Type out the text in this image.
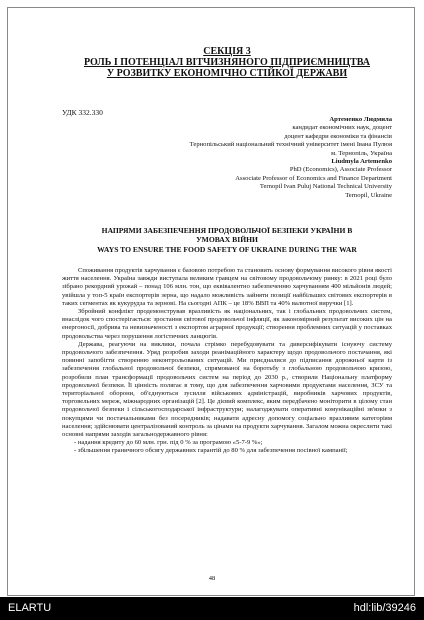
СЕКЦІЯ 3

РОЛЬ І ПОТЕНЦІАЛ ВІТЧИЗНЯНОГО ПІДПРИЄМНИЦТВА

У РОЗВИТКУ ЕКОНОМІЧНО СТІЙКОЇ ДЕРЖАВИ

УДК 332.330
Артеменко Людмила
кандидат економічних наук, доцент
доцент кафедри економіки та фінансів
Тернопільський національний технічний університет імені Івана Пулюя
м. Тернопіль, Україна
Liudmyla Artemenko
PhD (Economics), Associate Professor
Associate Professor of Economics and Finance Department
Ternopil Ivan Puluj National Technical University
Ternopil, Ukraine
НАПРЯМИ ЗАБЕЗПЕЧЕННЯ ПРОДОВОЛЬЧОЇ БЕЗПЕКИ УКРАЇНИ В
УМОВАХ ВІЙНИ
WAYS TO ENSURE THE FOOD SAFETY OF UKRAINE DURING THE WAR

Споживання продуктів харчування є базовою потребою та становить основу формування високого рівня якості життя населення. Україна завжди виступала великим гравцем на світовому продовольчому ринку: в 2021 році було зібрано рекордний урожай – понад 106 млн. тон, що еквівалентно забезпеченню харчуванням 400 мільйонів людей; увійшла у топ-5 країн експортерів зерна, що надало можливість зайняти позиції найбільших світових експортерів в таких сегментах як кукурудза та зернові. На сьогодні АПК – це 18% ВВП та 40% валютної виручки [1].

Збройний конфлікт продемонстрував вразливість як національних, так і глобальних продовольчих систем, внаслідок чого спостерігається: зростання світової продовольчої інфляції, як закономірний результат високих цін на енергоносії, добрива та невизначеності з експортом аграрної продукції; створення проблемних ситуацій у поставках продовольства через порушення логістичних ланцюгів.

Держава, реагуючи на виклики, почала стрімко перебудовувати та диверсифікувати існуючу систему продовольчого забезпечення. Уряд розробив заходи реанімаційного характеру щодо продовольчого постачання, які повинні запобігти створенню неконтрольованих ситуацій. Ми приєдналися до підписання дорожньої карти із забезпечення глобальної продовольчої безпеки, спрямованої на боротьбу з глобальною продовольчою кризою, розробили план трансформації продовольчих систем на період до 2030 р., створили Національну платформу продовольчої безпеки. Її цінність полягає в тому, що для забезпечення харчовими продуктами населення, ЗСУ та територіальної оборони, об'єднуються зусилля військових адміністрацій, виробників харчових продуктів, торговельних мереж, міжнародних організацій [2]. Це дієвий комплекс, яким передбачено моніторити в цілому стан продовольчої безпеки і сільськогосподарської інфраструктури; налагоджувати оперативні комунікаційні зв'язки з покупцями чи постачальниками без посередників; надавати адресну допомогу соціально вразливим категоріям населення; здійснювати централізований контроль за цінами на продукти харчування. Загалом можна окреслити такі основні напрями заходів загальнодержавного рівня:

- надання кредиту до 60 млн. грн. під 0 % за програмою «5-7-9 %»;

- збільшення граничного обсягу державних гарантій до 80 % для забезпечення посівної кампанії;

48
ELARTU	hdl:lib/39246
